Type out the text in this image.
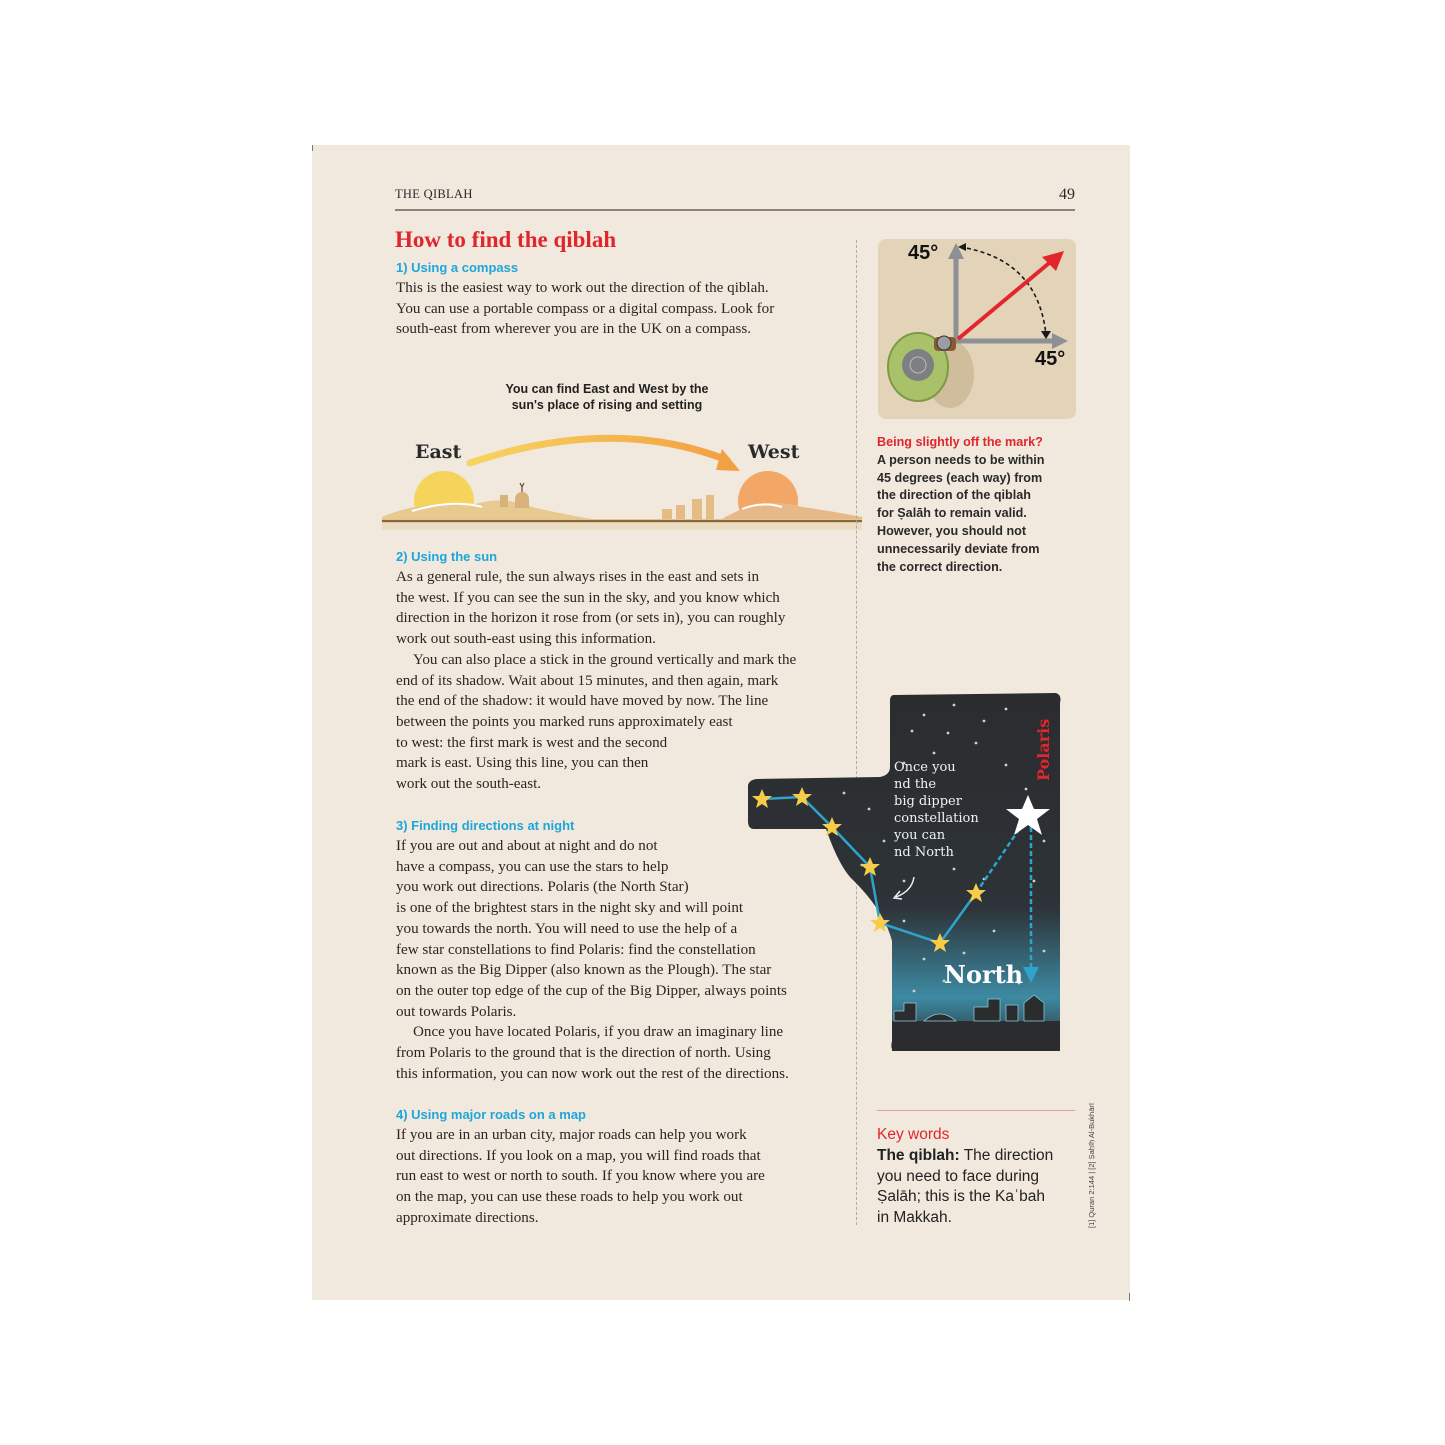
THE QIBLAH	49
How to find the qiblah
1) Using a compass

This is the easiest way to work out the direction of the qiblah.
You can use a portable compass or a digital compass. Look for
south-east from wherever you are in the UK on a compass.

You can find East and West by the
sun's place of rising and setting
East	West
2) Using the sun

As a general rule, the sun always rises in the east and sets in
the west. If you can see the sun in the sky, and you know which
direction in the horizon it rose from (or sets in), you can roughly
work out south-east using this information.
You can also place a stick in the ground vertically and mark the
end of its shadow. Wait about 15 minutes, and then again, mark
the end of the shadow: it would have moved by now. The line
between the points you marked runs approximately east
to west: the first mark is west and the second
mark is east. Using this line, you can then
work out the south-east.

3) Finding directions at night

If you are out and about at night and do not
have a compass, you can use the stars to help
you work out directions. Polaris (the North Star)
is one of the brightest stars in the night sky and will point
you towards the north. You will need to use the help of a
few star constellations to find Polaris: find the constellation
known as the Big Dipper (also known as the Plough). The star
on the outer top edge of the cup of the Big Dipper, always points
out towards Polaris.
Once you have located Polaris, if you draw an imaginary line
from Polaris to the ground that is the direction of north. Using
this information, you can now work out the rest of the directions.

4) Using major roads on a map

If you are in an urban city, major roads can help you work
out directions. If you look on a map, you will find roads that
run east to west or north to south. If you know where you are
on the map, you can use these roads to help you work out
approximate directions.

45°
45°
Being slightly off the mark?
A person needs to be within
45 degrees (each way) from
the direction of the qiblah
for Ṣalāh to remain valid.
However, you should not
unnecessarily deviate from
the correct direction.
Polaris
Once you
nd the
big dipper
constellation
you can
nd North
North
Key words
The qiblah: The direction
you need to face during
Ṣalāh; this is the Kaʿbah
in Makkah.	[1] Quran 2:144 | [2] Ṣaḥīḥ Al-Bukhārī
